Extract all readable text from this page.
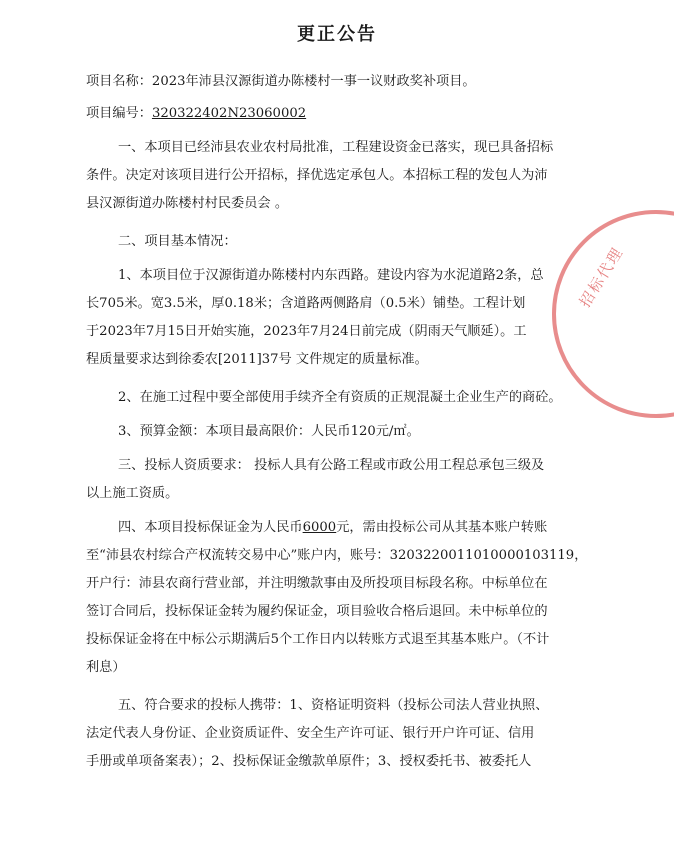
更正公告
项目名称：2023年沛县汉源街道办陈楼村一事一议财政奖补项目。
项目编号：320322402N23060002
一、本项目已经沛县农业农村局批准，工程建设资金已落实，现已具备招标
条件。决定对该项目进行公开招标，择优选定承包人。本招标工程的发包人为沛
县汉源街道办陈楼村村民委员会 。
二、项目基本情况：
1、本项目位于汉源街道办陈楼村内东西路。建设内容为水泥道路2条，总
长705米。宽3.5米，厚0.18米；含道路两侧路肩（0.5米）铺垫。工程计划
于2023年7月15日开始实施，2023年7月24日前完成（阴雨天气顺延）。工
程质量要求达到徐委农[2011]37号 文件规定的质量标准。
2、在施工过程中要全部使用手续齐全有资质的正规混凝土企业生产的商砼。
3、预算金额：本项目最高限价：人民币120元/㎡。
三、投标人资质要求： 投标人具有公路工程或市政公用工程总承包三级及
以上施工资质。
四、本项目投标保证金为人民币6000元，需由投标公司从其基本账户转账
至“沛县农村综合产权流转交易中心”账户内，账号：3203220011010000103119，
开户行：沛县农商行营业部，并注明缴款事由及所投项目标段名称。中标单位在
签订合同后，投标保证金转为履约保证金，项目验收合格后退回。未中标单位的
投标保证金将在中标公示期满后5个工作日内以转账方式退至其基本账户。（不计
利息）
五、符合要求的投标人携带：1、资格证明资料（投标公司法人营业执照、
法定代表人身份证、企业资质证件、安全生产许可证、银行开户许可证、信用
手册或单项备案表）；2、投标保证金缴款单原件；3、授权委托书、被委托人
招标代理
